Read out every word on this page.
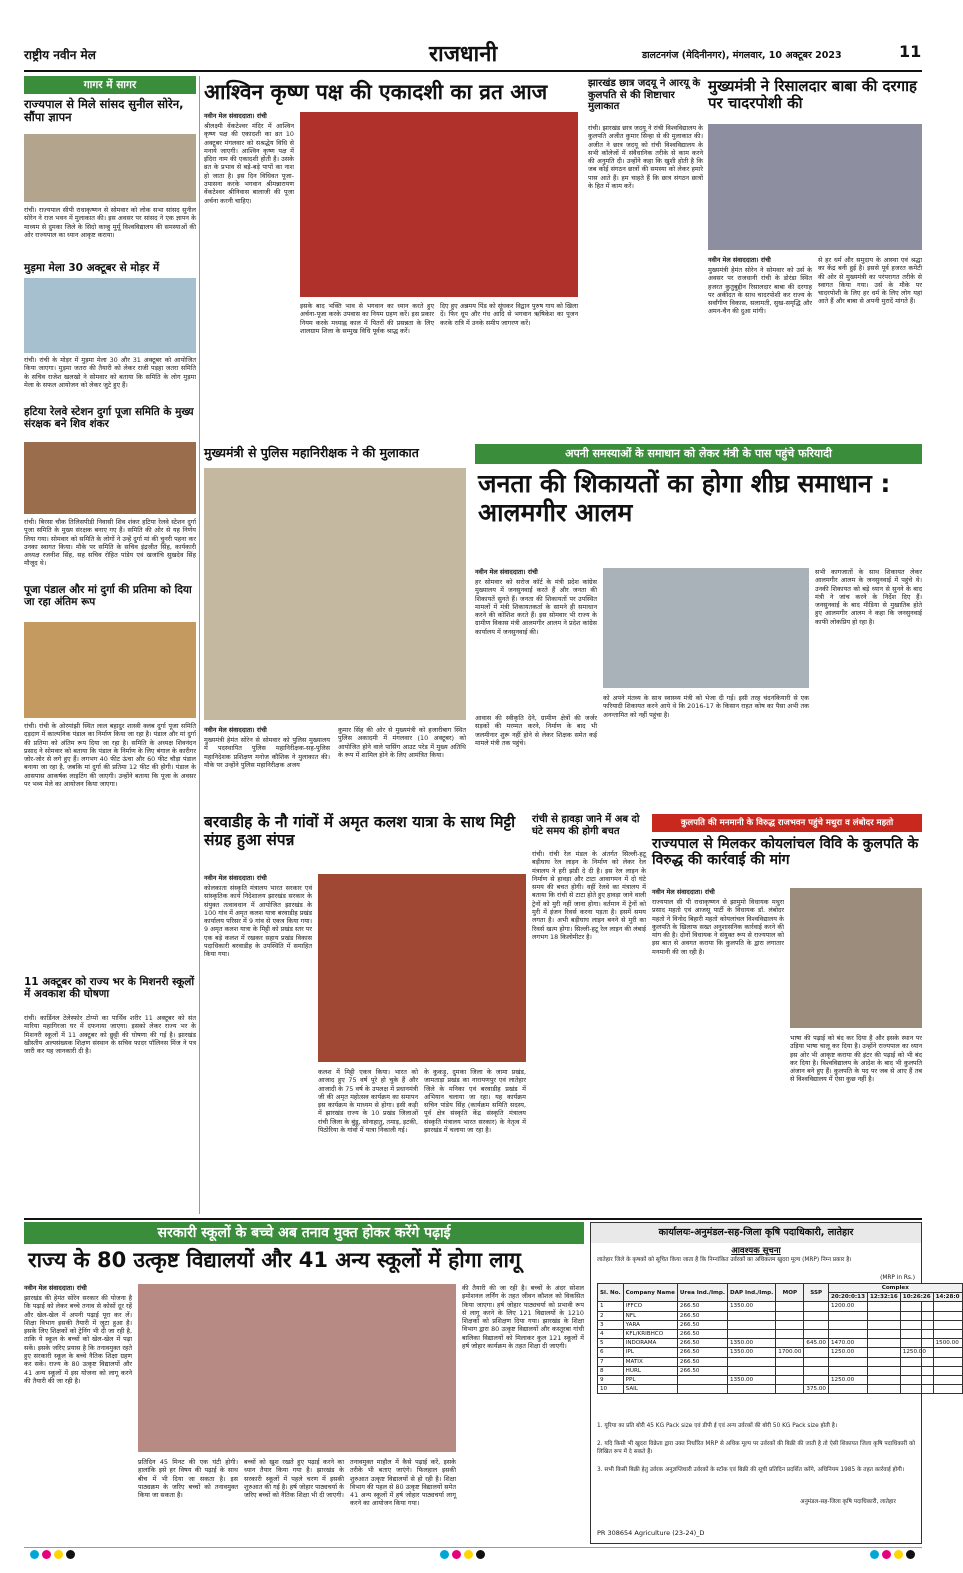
राष्ट्रीय नवीन मेल	राजधानी	डालटनगंज (मेदिनीनगर), मंगलवार, 10 अक्टूबर 2023	11
गागर में सागर
राज्यपाल से मिले सांसद सुनील सोरेन, सौंपा ज्ञापन
रांची। राज्यपाल सीपी राधाकृष्णन से सोमवार को लोक सभा सांसद सुनील सोरेन ने राज भवन में मुलाकात की। इस अवसर पर सांसद ने एक ज्ञापन के माध्यम से दुमका जिले के सिदो कान्हु मुर्मू विश्वविद्यालय की समस्याओं की ओर राज्यपाल का ध्यान आकृष्ट कराया।
मुड़मा मेला 30 अक्टूबर से मोड़र में
रांची। रांची के मोड़र में मुड़मा मेला 30 और 31 अक्टूबर को आयोजित किया जाएगा। मुड़मा जतरा की तैयारी को लेकर राजी पड़हा जतरा समिति के सचिव राजेश खलखो ने सोमवार को बताया कि समिति के लोग मुड़मा मेला के सफल आयोजन को लेकर जुटे हुए हैं।
हटिया रेलवे स्टेशन दुर्गा पूजा समिति के मुख्य संरक्षक बने शिव शंकर
रांची। बिरसा चौक तिलिसपीडी निवासी शिव शंकर हटिया रेलवे स्टेशन दुर्गा पूजा समिति के मुख्य संरक्षक बनाए गए हैं। समिति की ओर से यह निर्णय लिया गया। सोमवार को समिति के लोगों ने उन्हें दुर्गा मां की चुनरी पहना कर उनका स्वागत किया। मौके पर समिति के सचिव इंद्रजीत सिंह, कार्यकारी अध्यक्ष रजनीश सिंह, सह सचिव रोहित पांडेय एवं खजांचि सुखदेव सिंह मौजूद थे।
पूजा पंडाल और मां दुर्गा की प्रतिमा को दिया जा रहा अंतिम रूप
रांची। रांची के ओरमांझी स्थित लाल बहादुर शास्त्री क्लब दुर्गा पूजा समिति दड़दाग में काल्पनिक पंडाल का निर्माण किया जा रहा है। पंडाल और मां दुर्गा की प्रतिमा को अंतिम रूप दिया जा रहा है। समिति के अध्यक्ष शिवनंदन प्रसाद ने सोमवार को बताया कि पंडाल के निर्माण के लिए बंगाल के कारीगर जोर-जोर से लगे हुए हैं। लगभग 40 फीट ऊंचा और 60 फीट चौड़ा पंडाल बनाया जा रहा है, जबकि मां दुर्गा की प्रतिमा 12 फीट की होगी। पंडाल के आसपास आकर्षक लाइटिंग की जाएगी। उन्होंने बताया कि पूजा के अवसर पर भव्य मेले का आयोजन किया जाएगा।
11 अक्टूबर को राज्य भर के मिशनरी स्कूलों में अवकाश की घोषणा
रांची। कार्डिनल टेलेस्फोर टोप्पो का पार्थिव शरीर 11 अक्टूबर को संत मारिया महागिरजा घर में दफनाया जाएगा। इसको लेकर राज्य भर के मिशनरी स्कूलों में 11 अक्टूबर को छुट्टी की घोषणा की गई है। झारखंड खीस्तीय अल्पसंख्यक शिक्षण संस्थान के सचिव फादर पॉलिनस मिंज ने पत्र जारी कर यह जानकारी दी है।
आश्विन कृष्ण पक्ष की एकादशी का व्रत आज
नवीन मेल संवाददाता। रांची
श्रीलक्ष्मी वेंकटेश्वर मंदिर में आश्विन कृष्ण पक्ष की एकादशी का व्रत 10 अक्टूबर मंगलवार को सश्रद्धेय विधि से मनाये जाएगी। आश्विन कृष्ण पक्ष में इंदिरा नाम की एकादशी होती है। उसके व्रत के प्रभाव से बड़े-बड़े पापों का नाश हो जाता है। इस दिन विधिवत पूजा-उपासना करके भगवान श्रीमन्नारायण वेंकटेश्वर श्रीनिवास बालाजी की पूजा अर्चना करनी चाहिए।
इसके बाद भक्ति भाव से भगवान का ध्यान करते हुए अर्चना-पूजा करके उपवास का नियम ग्रहण करें। इस प्रकार नियम करके मध्याह्न काल में पितरों की प्रसन्नता के लिए शालग्राम शिला के सम्मुख विधि पूर्वक श्राद्ध करें।
दिए हुए अन्नमय पिंड को सूंघकर विद्वान पुरुष गाय को खिला दें। फिर धूप और गंध आदि से भगवान ऋषिकेश का पूजन करके रात्रि में उनके समीप जागरण करें।
झारखंड छात्र जदयू ने आरयू के कुलपति से की शिष्टाचार मुलाकात
रांची। झारखंड छात्र जदयू ने रांची विश्वविद्यालय के कुलपति अजीत कुमार सिन्हा से की मुलाकात की। अजीत ने छात्र जदयू को रांची विश्वविद्यालय के सभी कॉलेजों में संवैधानिक तरीके से काम करने की अनुमति दी। उन्होंने कहा कि खुशी होती है कि जब कोई संगठन छात्रों की समस्या को लेकर हमारे पास आते हैं। हम चाहते हैं कि छात्र संगठन छात्रों के हित में काम करें।
मुख्यमंत्री ने रिसालदार बाबा की दरगाह पर चादरपोशी की
नवीन मेल संवाददाता। रांची
मुख्यमंत्री हेमंत सोरेन ने सोमवार को उर्स के अवसर पर राजधानी रांची के डोरंडा स्थित हजरत कुतुबुद्दीन रिसालदार बाबा की दरगाह पर अकीदत के साथ चादरपोशी कर राज्य के सर्वांगीण विकास, सलामती, सुख-समृद्धि और अमन-चैन की दुआ मांगी।
से हर धर्म और समुदाय के आस्था एवं श्रद्धा का केंद्र बनी हुई है। इससे पूर्व हजरत कमेटी की ओर से मुख्यमंत्री का परंपरागत तरीके से स्वागत किया गया। उर्स के मौके पर चादरपोशी के लिए हर धर्म के लिए लोग यहां आते हैं और बाबा से अपनी मुरादें मांगते हैं।
मुख्यमंत्री से पुलिस महानिरीक्षक ने की मुलाकात
नवीन मेल संवाददाता। रांची
मुख्यमंत्री हेमंत सोरेन से सोमवार को पुलिस मुख्यालय में पदस्थापित पुलिस महानिरीक्षक-सह-पुलिस महानिदेशक प्रशिक्षण मनोज कौशिक ने मुलाकात की। मौके पर उन्होंने पुलिस महानिरीक्षक अजय
कुमार सिंह की ओर से मुख्यमंत्री को हजारीबाग स्थित पुलिस अकादमी में मंगलवार (10 अक्टूबर) को आयोजित होने वाले पासिंग आउट परेड में मुख्य अतिथि के रूप में शामिल होने के लिए आमंत्रित किया।
अपनी समस्याओं के समाधान को लेकर मंत्री के पास पहुंचे फरियादी
जनता की शिकायतों का होगा शीघ्र समाधान : आलमगीर आलम
नवीन मेल संवाददाता। रांची
हर सोमवार को सरोज कॉर्ट के मंत्री प्रदेश कांग्रेस मुख्यालय में जनसुनवाई करते हैं और जनता की शिकायतें सुनते हैं। जनता की शिकायतों पर उपस्थित मामलों में मंत्री शिकायतकर्ता के सामने ही समाधान करने की कोशिश करते हैं। इस सोमवार भी राज्य के ग्रामीण विकास मंत्री आलमगीर आलम ने प्रदेश कांग्रेस कार्यालय में जनसुनवाई की।
सभी कागजातों के साथ शिकायत लेकर आलमगीर आलम के जनसुनवाई में पहुंचे थे। उनकी शिकायत को बड़े ध्यान से सुनने के बाद मंत्री ने जांच करने के निर्देश दिए हैं। जनसुनवाई के बाद मीडिया से मुखातिब होते हुए आलमगीर आलम ने कहा कि जनसुनवाई काफी लोकप्रिय हो रहा है।
आवास की स्वीकृति देने, ग्रामीण क्षेत्रों की जर्जर सड़कों की मरम्मत करने, निर्माण के बाद भी जलमीनार शुरू नहीं होने से लेकर शिक्षक समेत कई मामले मंत्री तक पहुंचे।
को अपने मंतव्य के साथ स्वास्थ्य मंत्री को भेजा दी गई। इसी तरह चंदनकियारी से एक फरियादी शिकायत करने आये थे कि 2016-17 के किसान राहत कोष का पैसा अभी तक अनन्तामित को नहीं पहुंचा है।
बरवाडीह के नौ गांवों में अमृत कलश यात्रा के साथ मिट्टी संग्रह हुआ संपन्न
नवीन मेल संवाददाता। रांची
कोलकाता संस्कृति मंत्रालय भारत सरकार एवं सांस्कृतिक कार्य निदेशालय झारखंड सरकार के संयुक्त तत्वावधान में आयोजित झारखंड के 100 गांव में अमृत कलश यात्रा बरवाडीह प्रखंड कार्यालय परिसर में 9 गांव से एकत्र किया गया। 9 अमृत कलश यात्रा के मिट्टी को प्रखंड स्तर पर एक बड़े कलश में रखकर सहाय प्रखंड विकास पदाधिकारी बरवाडीह के उपस्थिति में समाहित किया गया।
कलश में मिट्टी एकत्र किया। भारत को आजाद हुए 75 वर्ष पूरे हो चुके हैं और आजादी के 75 वर्ष के उपलक्ष में प्रधानमंत्री जी की अमृत महोत्सव कार्यक्रम का समापन इस कार्यक्रम के माध्यम से होगा। इसी कड़ी में झारखंड राज्य के 10 प्रखंड जिलाओं रांची जिला के बुंडू, सोनाहातु, तमाड़, इटकी, पिठोरिया के गांवों में यात्रा निकाली गई।
के कुकड़ू, दुमका जिला के जामा प्रखंड, जामताड़ा प्रखंड का नारायणपुर एवं लातेहार जिले के मनिका एवं बरवाडीह प्रखंड में अभियान चलाया जा रहा। यह कार्यक्रम सचिन पांडेय सिंह (कार्यक्रम समिति सदस्य, पूर्व क्षेत्र संस्कृति केंद्र संस्कृति मंत्रालय संस्कृति मंत्रालय भारत सरकार) के नेतृत्व में झारखंड में चलाया जा रहा है।
रांची से हावड़ा जाने में अब दो घंटे समय की होगी बचत
रांची। रांची रेल मंडल के अंतर्गत सिल्ली-हटू बड़ीघाघ रेल लाइन के निर्माण को लेकर रेल मंत्रालय ने हरी झंडी दे दी है। इस रेल लाइन के निर्माण से हावड़ा और टाटा आवागमन में दो घंटे समय की बचत होगी। वहीं रेलवे का मंत्रालय में बताया कि रांची से टाटा होते हुए हावड़ा जाने वाली ट्रेनों को मुरी नहीं जाना होगा। वर्तमान में ट्रेनों को मुरी में इंजन रिवर्स करना पड़ता है। इसमें समय लगता है। अभी बड़ीघाघ लाइन बनने से मुरी का रिवर्स खत्म होगा। सिल्ली-हटू रेल लाइन की लंबाई लगभग 18 किलोमीटर है।
कुलपति की मनमानी के विरुद्ध राजभवन पहुंचे मथुरा व लंबोदर महतो
राज्यपाल से मिलकर कोयलांचल विवि के कुलपति के विरुद्ध की कार्रवाई की मांग
नवीन मेल संवाददाता। रांची
राज्यपाल सी पी राधाकृष्णन से झामुमो विधायक मथुरा प्रसाद महतो एवं आजसू पार्टी के विधायक डॉ. लंबोदर महतो ने विनोद बिहारी महतो कोयलांचल विश्वविद्यालय के कुलपति के खिलाफ सख्त अनुशासनिक कार्रवाई करने की मांग की है। दोनों विधायक ने संयुक्त रूप से राज्यपाल को इस बात से अवगत कराया कि कुलपति के द्वारा लगातार मनमानी की जा रही है।
भाषा की पढ़ाई को बंद कर दिया है और इसके स्थान पर उड़िया भाषा चालू कर दिया है। उन्होंने राज्यपाल का ध्यान इस ओर भी आकृष्ट कराया की इंटर की पढ़ाई को भी बंद कर दिया है। विश्वविद्यालय के आदेश के बाद भी कुलपति अंजान बने हुए हैं। कुलपति के पद पर जब से आए हैं तब से विश्वविद्यालय में ऐसा कुछ नहीं है।
सरकारी स्कूलों के बच्चे अब तनाव मुक्त होकर करेंगे पढ़ाई
राज्य के 80 उत्कृष्ट विद्यालयों और 41 अन्य स्कूलों में होगा लागू
नवीन मेल संवाददाता। रांची
झारखंड की हेमंत सोरेन सरकार की योजना है कि पढ़ाई को लेकर बच्चे तनाव से कोसों दूर रहें और खेल-खेल में अपनी पढ़ाई पूरा कर लें। शिक्षा विभाग इसकी तैयारी में जुटा हुआ है। इसके लिए शिक्षकों को ट्रेनिंग भी दी जा रही है, ताकि ये स्कूल के बच्चों को खेल-खेल में पढ़ा सकें। इसके जरिए प्रयास है कि तनावमुक्त रहते हुए सरकारी स्कूल के बच्चे नैतिक शिक्षा ग्रहण कर सकें। राज्य के 80 उत्कृष्ट विद्यालयों और 41 अन्य स्कूलों में इस योजना को लागू करने की तैयारी की जा रही है।
की तैयारी की जा रही है। बच्चों के अंदर सोशल इमोशनल लर्निंग के तहत जीवन कौशल को विकसित किया जाएगा। हर्ष जोहार पाठ्यचर्या को प्रभावी रूप से लागू करने के लिए 121 विद्यालयों के 1210 शिक्षकों को प्रशिक्षण दिया गया। झारखंड के शिक्षा विभाग द्वारा 80 उत्कृष्ट विद्यालयों और कस्तूरबा गांधी बालिका विद्यालयों को मिलाकर कुल 121 स्कूलों में हर्ष जोहार कार्यक्रम के तहत शिक्षा दी जाएगी।
प्रतिदिन 45 मिनट की एक घंटी होगी। हालांकि इसे हर विषय की पढ़ाई के साथ बीच में भी दिया जा सकता है। इस पाठ्यक्रम के जरिए बच्चों को तनावमुक्त किया जा सकता है।
बच्चों को खुश रखते हुए पढ़ाई करने का ध्यान तैयार किया गया है। झारखंड के सरकारी स्कूलों में पहले चरण में इसकी शुरुआत की गई है। हर्ष जोहार पाठ्यचर्या के जरिए बच्चों को नैतिक शिक्षा भी दी जाएगी।
तनावमुक्त माहौल में कैसे पढ़ाई करें, इसके तरीके भी बताए जाएंगे। फिलहाल इसकी शुरुआत उत्कृष्ट विद्यालयों से हो रही है। शिक्षा विभाग की पहल से 80 उत्कृष्ट विद्यालयों समेत 41 अन्य स्कूलों में हर्ष जोहार पाठ्यचर्या लागू करने का आयोजन किया गया।
कार्यालयः-अनुमंडल-सह-जिला कृषि पदाधिकारी, लातेहार
आवश्यक सूचना
लातेहार जिले के कृषकों को सूचित किया जाता है कि निम्नांकित उर्वरकों का अधिकतम खुदरा मूल्य (MRP) निम्न प्रकार है।
(MRP in Rs.)
Sl. No.	Company Name	Urea Ind./Imp.	DAP Ind./Imp.	MOP	SSP	Complex			
						20:20:0:13	12:32:16	10:26:26	14:28:0
1	IFFCO	266.50	1350.00			1200.00			
2	NFL	266.50							
3	YARA	266.50							
4	KFL/KRIBHCO	266.50							
5	INDORAMA	266.50	1350.00		645.00	1470.00			1500.00
6	IPL	266.50	1350.00	1700.00		1250.00		1250.00	
7	MATIX	266.50							
8	HURL	266.50							
9	PPL		1350.00			1250.00			
10	SAIL				375.00				
1. यूरिया का प्रति बोरी 45 KG Pack size एवं डीपी ई एवं अन्य उर्वरकों की बोरी 50 KG Pack size होती है।
2. यदि किसी भी खुदरा विक्रेता द्वारा उक्त निर्धारित MRP से अधिक मूल्य पर उर्वरकों की बिक्री की जाती है तो ऐसी शिकायत जिला कृषि पदाधिकारी को लिखित रूप में दे सकते हैं।
3. सभी किसी बिक्री हेतु उर्वरक अनुज्ञप्तिधारी उर्वरकों के स्टॉक एवं बिक्री की सूची प्रतिदिन प्रदर्शित करेंगे, अधिनियम 1985 के तहत कार्रवाई होगी।
अनुमंडल-सह-जिला कृषि पदाधिकारी, लातेहार
PR 308654 Agriculture (23-24)_D
